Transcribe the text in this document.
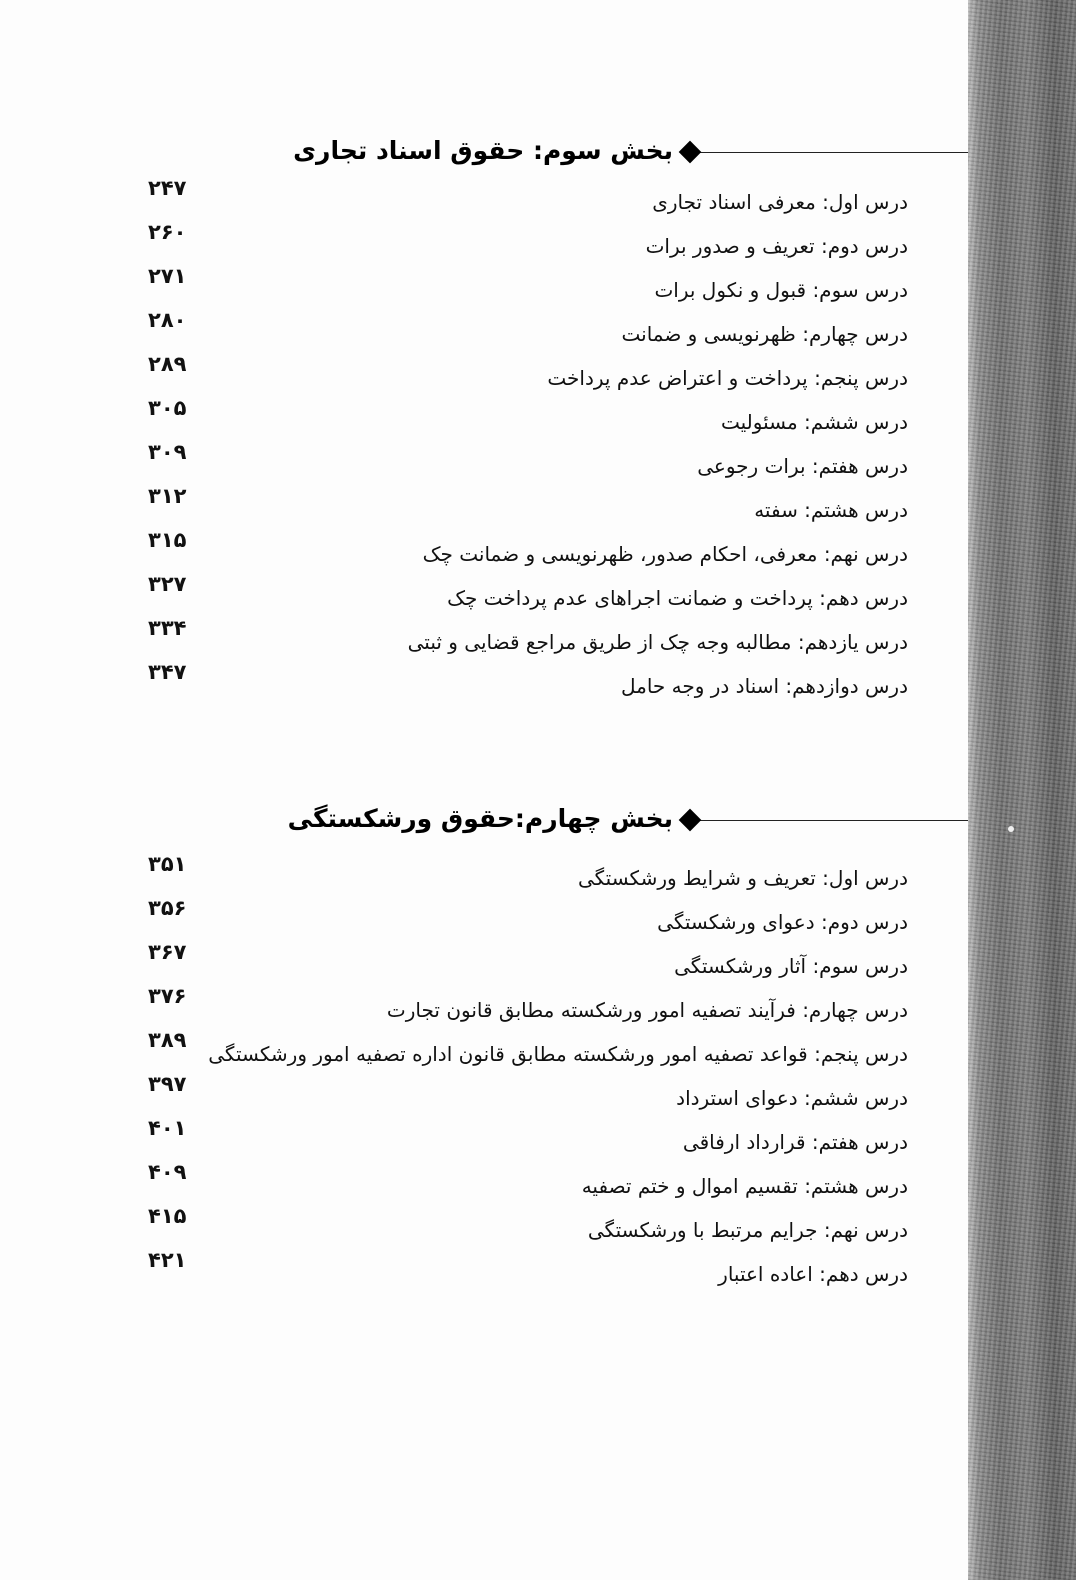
بخش سوم: حقوق اسناد تجاری
درس اول: معرفی اسناد تجاری
۲۴۷
درس دوم: تعریف و صدور برات
۲۶۰
درس سوم: قبول و نکول برات
۲۷۱
درس چهارم: ظهرنویسی و ضمانت
۲۸۰
درس پنجم: پرداخت و اعتراض عدم پرداخت
۲۸۹
درس ششم: مسئولیت
۳۰۵
درس هفتم: برات رجوعی
۳۰۹
درس هشتم: سفته
۳۱۲
درس نهم: معرفی، احکام صدور، ظهرنویسی و ضمانت چک
۳۱۵
درس دهم: پرداخت و ضمانت اجراهای عدم پرداخت چک
۳۲۷
درس یازدهم: مطالبه وجه چک از طریق مراجع قضایی و ثبتی
۳۳۴
درس دوازدهم: اسناد در وجه حامل
۳۴۷
بخش چهارم:حقوق ورشکستگی
درس اول: تعریف و شرایط ورشکستگی
۳۵۱
درس دوم: دعوای ورشکستگی
۳۵۶
درس سوم: آثار ورشکستگی
۳۶۷
درس چهارم: فرآیند تصفیه امور ورشکسته مطابق قانون تجارت
۳۷۶
درس پنجم: قواعد تصفیه امور ورشکسته مطابق قانون اداره تصفیه امور ورشکستگی
۳۸۹
درس ششم: دعوای استرداد
۳۹۷
درس هفتم: قرارداد ارفاقی
۴۰۱
درس هشتم: تقسیم اموال و ختم تصفیه
۴۰۹
درس نهم: جرایم مرتبط با ورشکستگی
۴۱۵
درس دهم: اعاده اعتبار
۴۲۱
